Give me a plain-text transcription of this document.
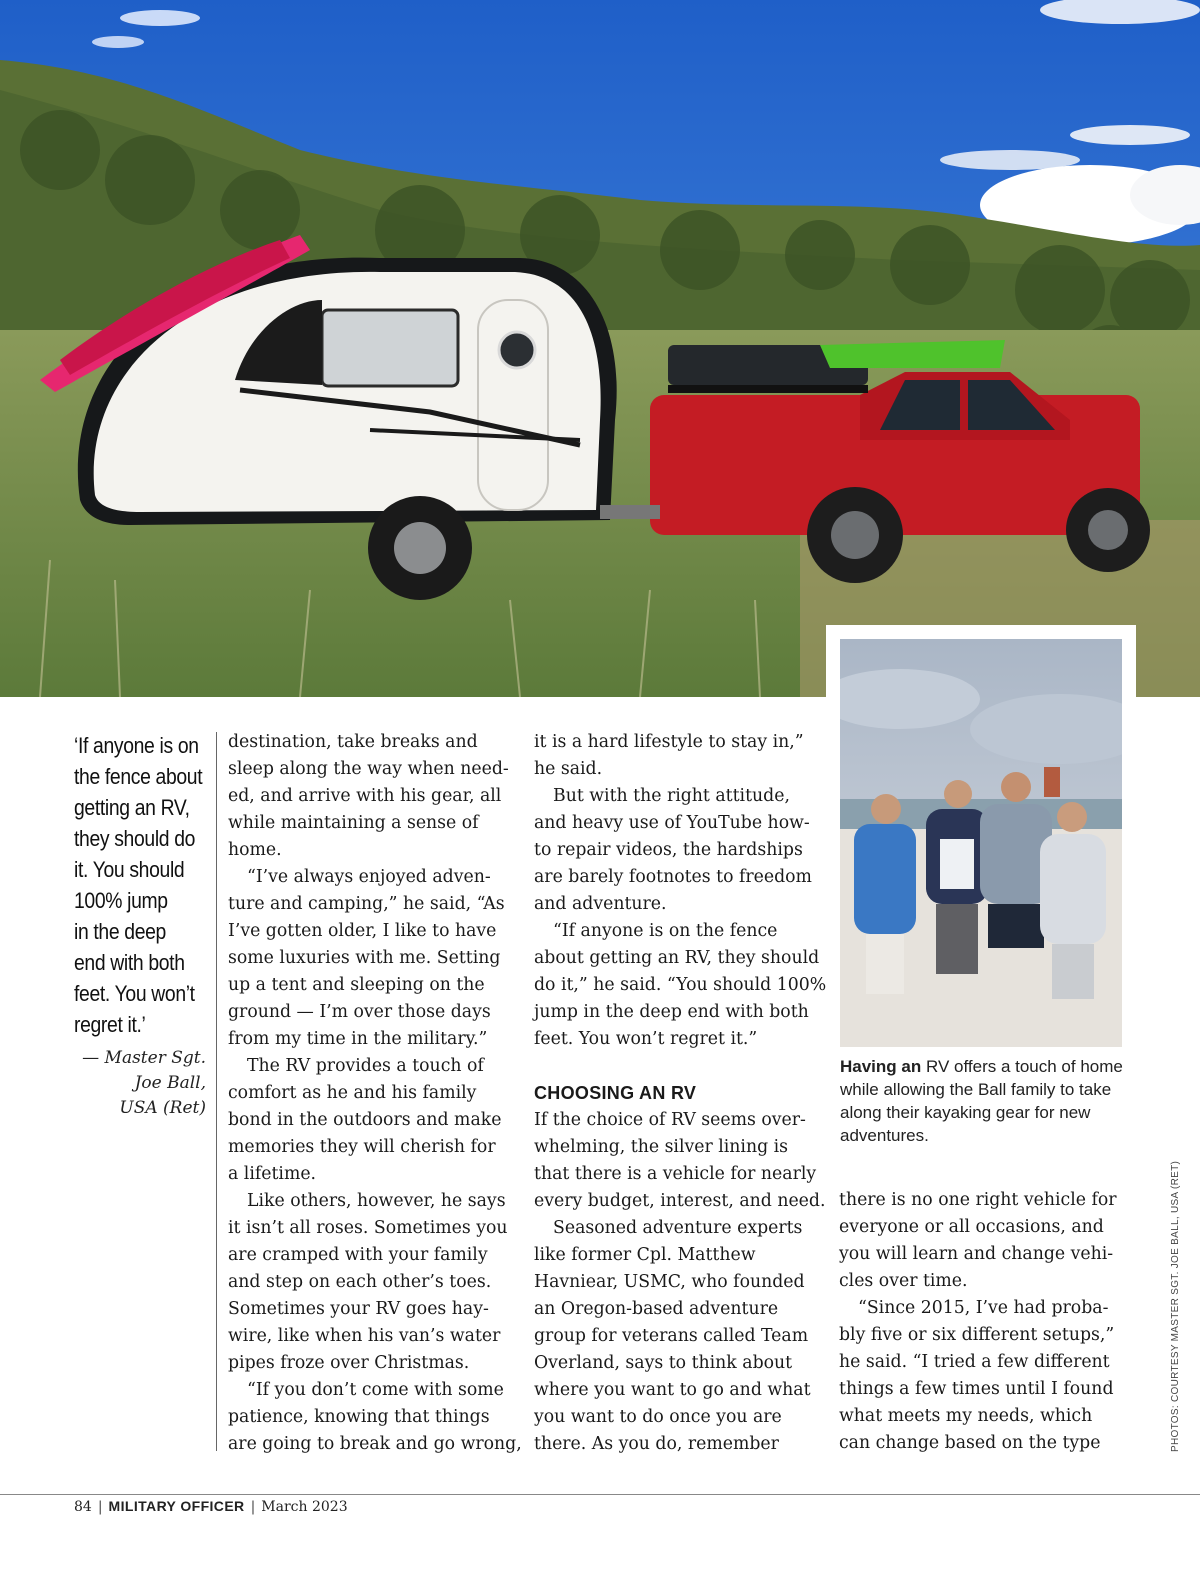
Having an RV offers a touch of home while allowing the Ball family to take along their kayaking gear for new adventures.
‘If anyone is on
the fence about
getting an RV,
they should do
it. You should
100% jump
in the deep
end with both
feet. You won’t
regret it.’
— Master Sgt.
Joe Ball,
USA (Ret)
destination, take breaks and
sleep along the way when need-
ed, and arrive with his gear, all
while maintaining a sense of
home.
“I’ve always enjoyed adven-
ture and camping,” he said, “As
I’ve gotten older, I like to have
some luxuries with me. Setting
up a tent and sleeping on the
ground — I’m over those days
from my time in the military.”
The RV provides a touch of
comfort as he and his family
bond in the outdoors and make
memories they will cherish for
a lifetime.
Like others, however, he says
it isn’t all roses. Sometimes you
are cramped with your family
and step on each other’s toes.
Sometimes your RV goes hay-
wire, like when his van’s water
pipes froze over Christmas.
“If you don’t come with some
patience, knowing that things
are going to break and go wrong,
it is a hard lifestyle to stay in,”
he said.
But with the right attitude,
and heavy use of YouTube how-
to repair videos, the hardships
are barely footnotes to freedom
and adventure.
“If anyone is on the fence
about getting an RV, they should
do it,” he said. “You should 100%
jump in the deep end with both
feet. You won’t regret it.”

CHOOSING AN RV
If the choice of RV seems over-
whelming, the silver lining is
that there is a vehicle for nearly
every budget, interest, and need.
Seasoned adventure experts
like former Cpl. Matthew
Havniear, USMC, who founded
an Oregon-based adventure
group for veterans called Team
Overland, says to think about
where you want to go and what
you want to do once you are
there. As you do, remember
there is no one right vehicle for
everyone or all occasions, and
you will learn and change vehi-
cles over time.
“Since 2015, I’ve had proba-
bly five or six different setups,”
he said. “I tried a few different
things a few times until I found
what meets my needs, which
can change based on the type	PHOTOS: COURTESY MASTER SGT. JOE BALL, USA (RET)
84 | MILITARY OFFICER | March 2023
